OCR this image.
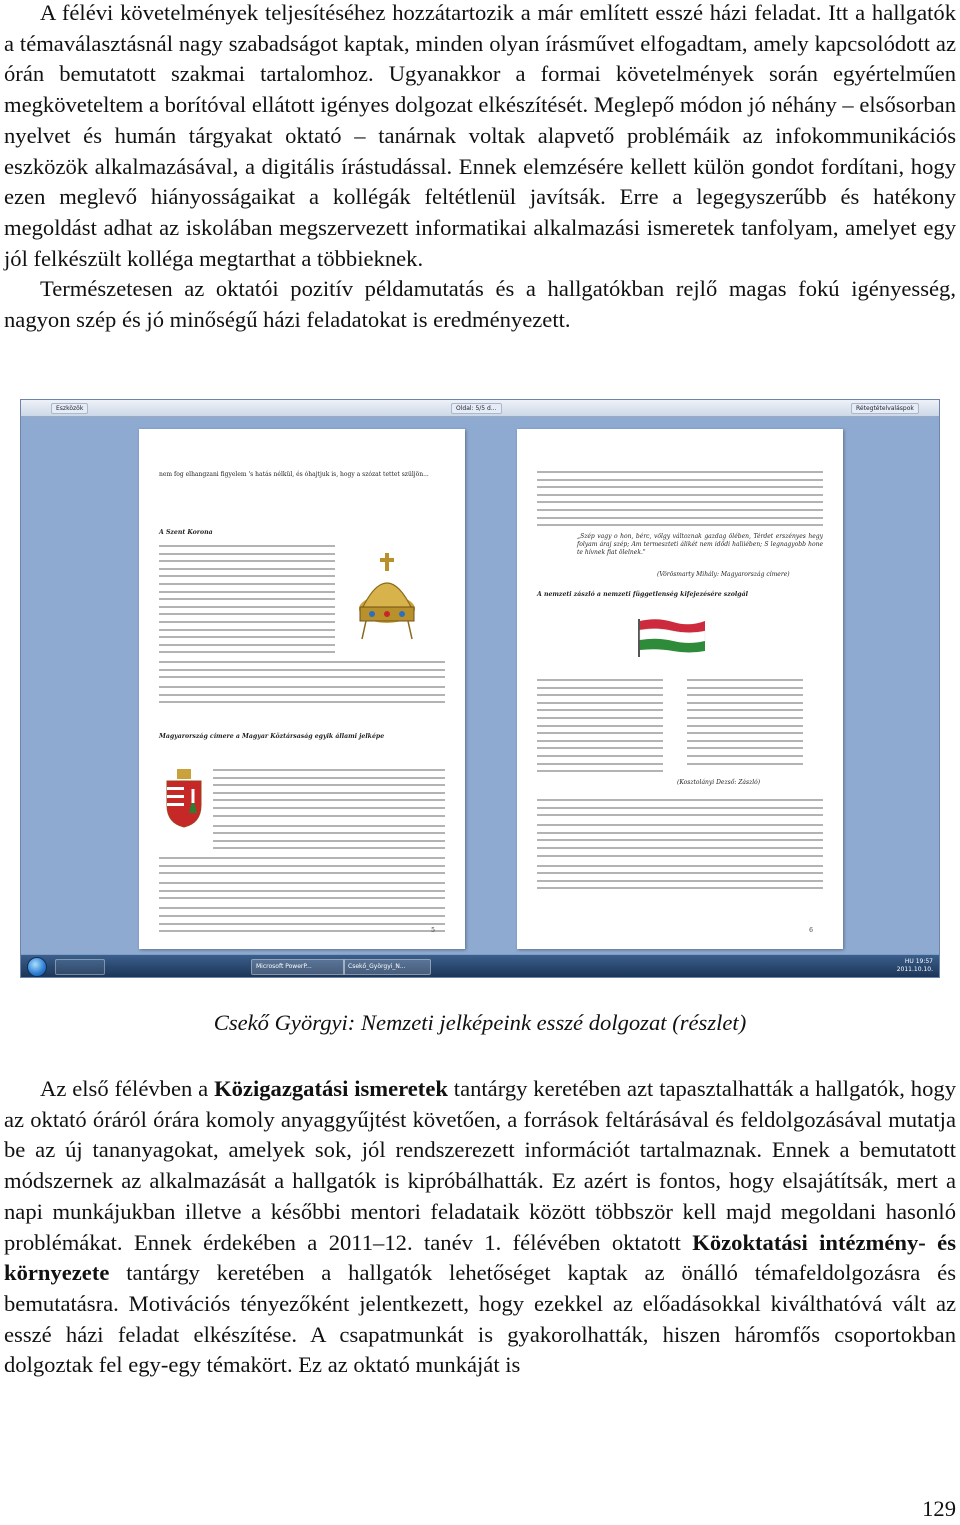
A félévi követelmények teljesítéséhez hozzátartozik a már említett esszé házi feladat. Itt a hallgatók a témaválasztásnál nagy szabadságot kaptak, minden olyan írásművet elfogadtam, amely kapcsolódott az órán bemutatott szakmai tartalomhoz. Ugyanakkor a formai követelmények során egyértelműen megköveteltem a borítóval ellátott igényes dolgozat elkészítését. Meglepő módon jó néhány – elsősorban nyelvet és humán tárgyakat oktató – tanárnak voltak alapvető problémáik az infokommunikációs eszközök alkalmazásával, a digitális írástudással. Ennek elemzésére kellett külön gondot fordítani, hogy ezen meglevő hiányosságaikat a kollégák feltétlenül javítsák. Erre a legegyszerűbb és hatékony megoldást adhat az iskolában megszervezett informatikai alkalmazási ismeretek tanfolyam, amelyet egy jól felkészült kolléga megtarthat a többieknek.
Természetesen az oktatói pozitív példamutatás és a hallgatókban rejlő magas fokú igényesség, nagyon szép és jó minőségű házi feladatokat is eredményezett.

Eszközök	Oldal: 5/5 d...	Rétegtételvaláspok
nem fog elhangzani figyelem 's hatás nélkül, és óhajtjuk is, hogy a szózat tettet szüljön...
A Szent Korona
Magyarország címere a Magyar Köztársaság egyik állami jelképe
5
„Szép vagy o hon, bérc, völgy változnak gazdag ölében, Térdet erszényes hegy folyam áraj szép; Am termeszteti álikét nem idődi haliiében; S legnagyobb hone te hívnek fiat ölelnek."
(Vörösmarty Mihály: Magyarország címere)
A nemzeti zászló a nemzeti függetlenség kifejezésére szolgál
(Kosztolányi Dezső: Zászló)
6
Microsoft PowerP...	Csekő_Györgyi_N...
HU 19:57
2011.10.10.

Csekő Györgyi: Nemzeti jelképeink esszé dolgozat (részlet)

Az első félévben a Közigazgatási ismeretek tantárgy keretében azt tapasztalhatták a hallgatók, hogy az oktató óráról órára komoly anyaggyűjtést követően, a források feltárásával és feldolgozásával mutatja be az új tananyagokat, amelyek sok, jól rendszerezett információt tartalmaznak. Ennek a bemutatott módszernek az alkalmazását a hallgatók is kipróbálhatták. Ez azért is fontos, hogy elsajátítsák, mert a napi munkájukban illetve a későbbi mentori feladataik között többször kell majd megoldani hasonló problémákat. Ennek érdekében a 2011–12. tanév 1. félévében oktatott Közoktatási intézmény- és környezete tantárgy keretében a hallgatók lehetőséget kaptak az önálló témafeldolgozásra és bemutatásra. Motivációs tényezőként jelentkezett, hogy ezekkel az előadásokkal kiválthatóvá vált az esszé házi feladat elkészítése. A csapatmunkát is gyakorolhatták, hiszen háromfős csoportokban dolgoztak fel egy-egy témakört. Ez az oktató munkáját is

129
